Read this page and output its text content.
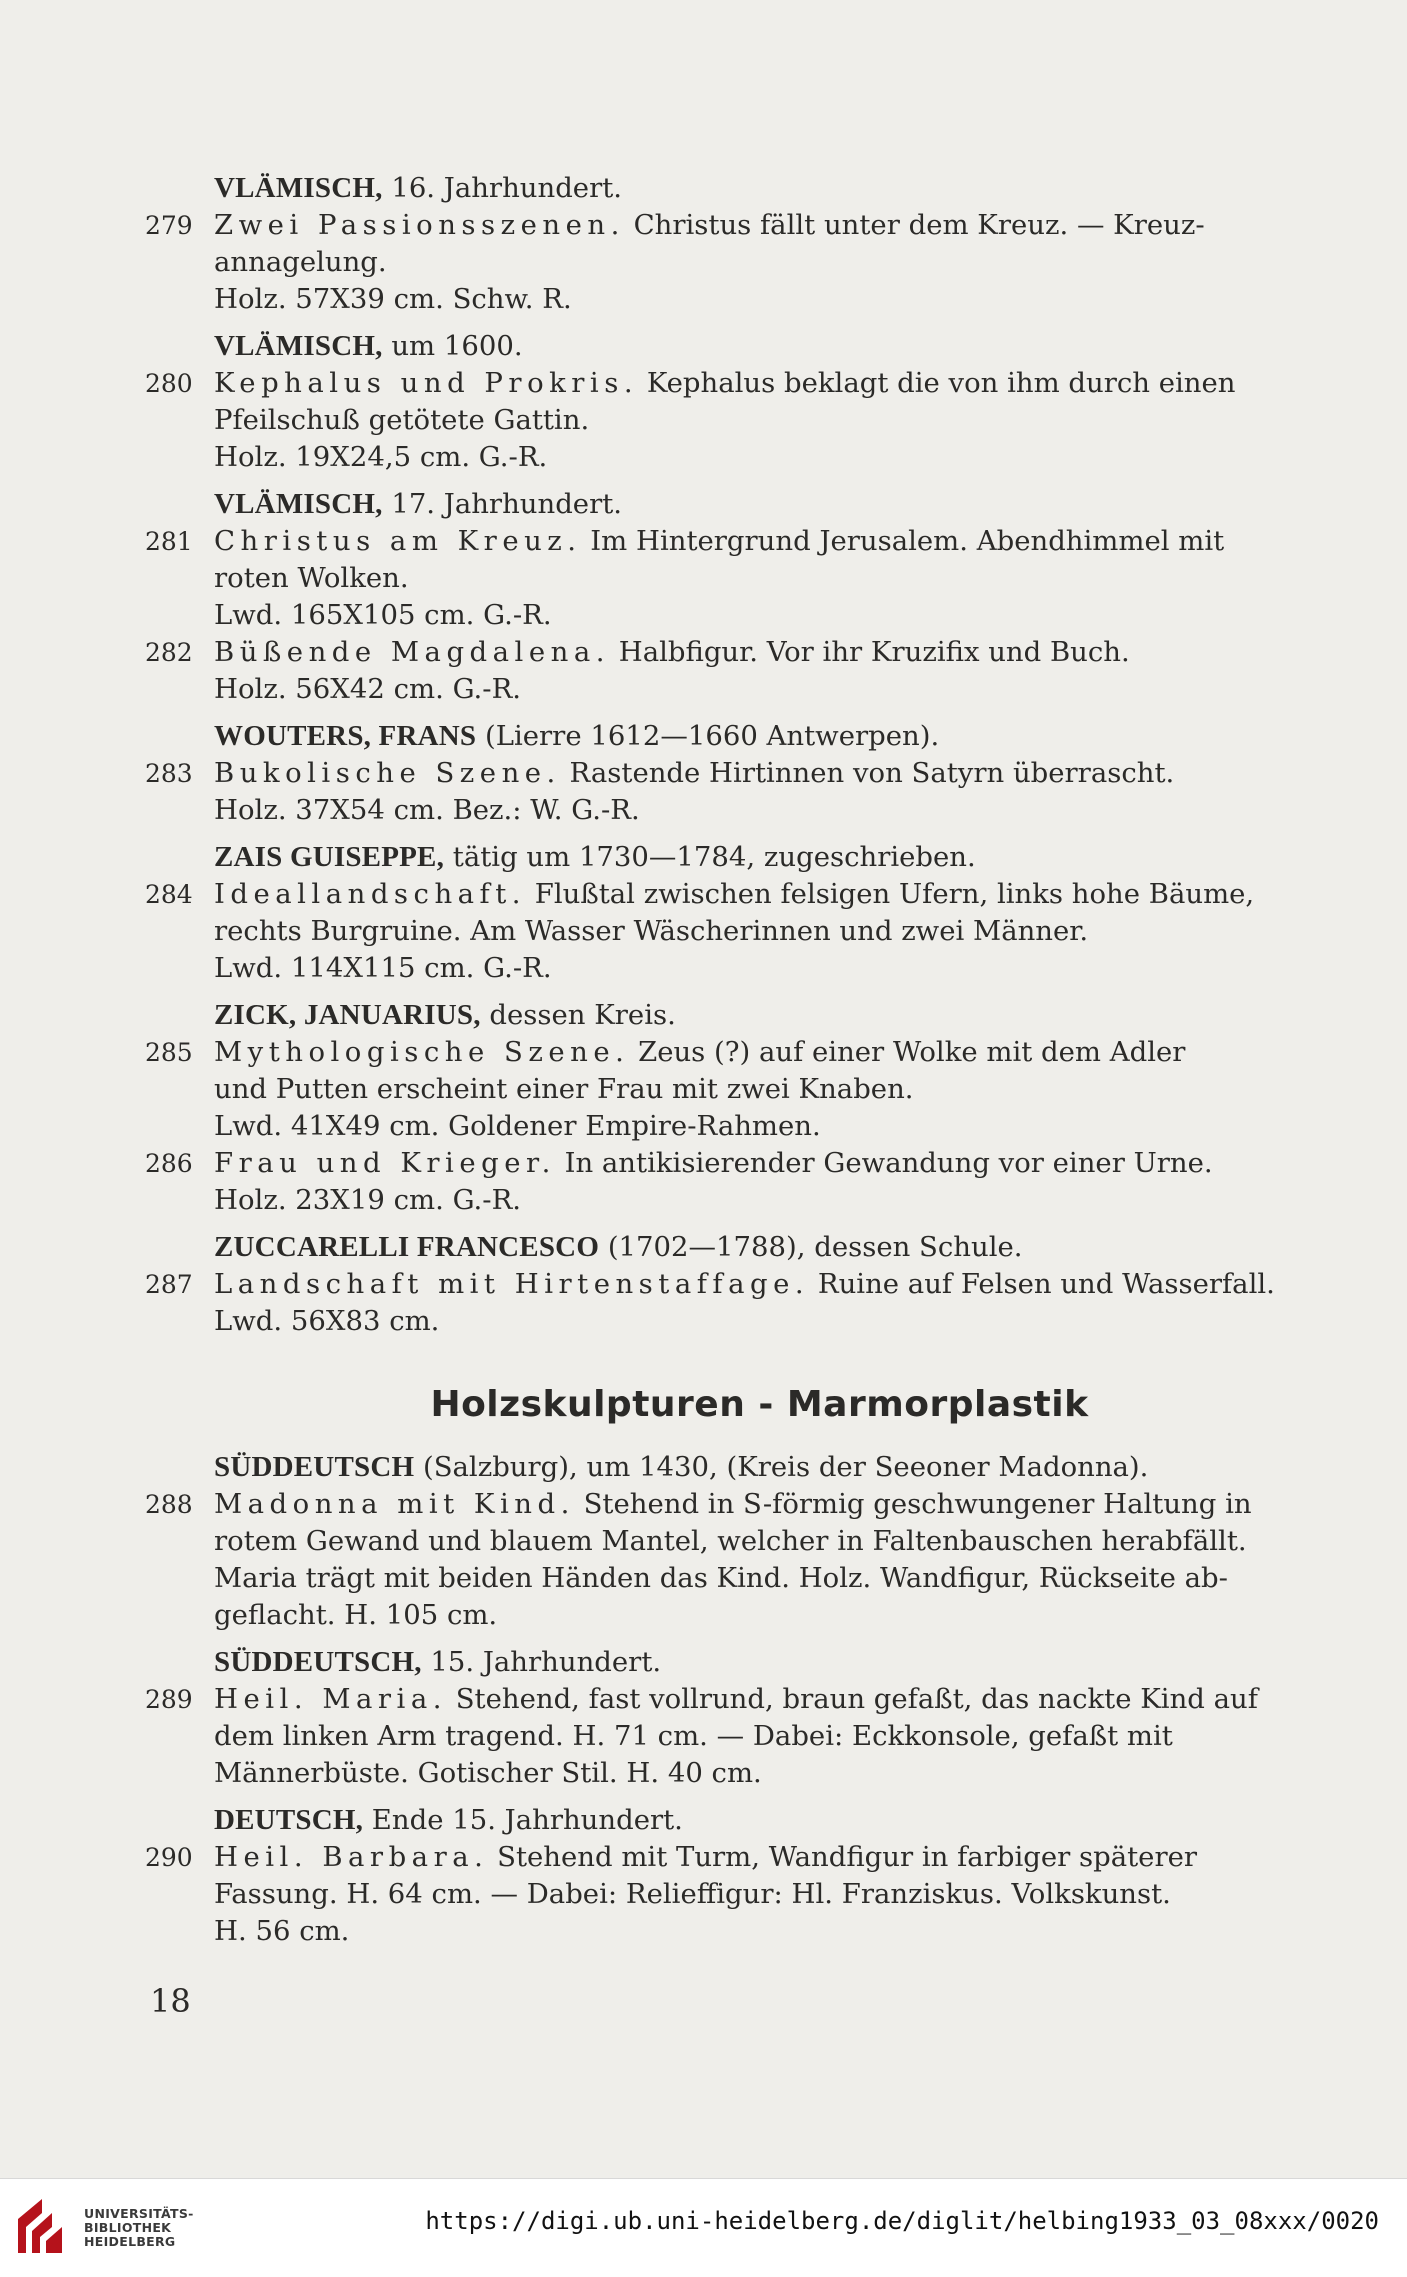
VLÄMISCH, 16. Jahrhundert.
279 Zwei Passionsszenen. Christus fällt unter dem Kreuz. — Kreuz-
annagelung.
Holz. 57X39 cm. Schw. R.
VLÄMISCH, um 1600.
280 Kephalus und Prokris. Kephalus beklagt die von ihm durch einen
Pfeilschuß getötete Gattin.
Holz. 19X24,5 cm. G.-R.
VLÄMISCH, 17. Jahrhundert.
281 Christus am Kreuz. Im Hintergrund Jerusalem. Abendhimmel mit
roten Wolken.
Lwd. 165X105 cm. G.-R.
282 Büßende Magdalena. Halbfigur. Vor ihr Kruzifix und Buch.
Holz. 56X42 cm. G.-R.
WOUTERS, FRANS (Lierre 1612—1660 Antwerpen).
283 Bukolische Szene. Rastende Hirtinnen von Satyrn überrascht.
Holz. 37X54 cm. Bez.: W. G.-R.
ZAIS GUISEPPE, tätig um 1730—1784, zugeschrieben.
284 Ideallandschaft. Flußtal zwischen felsigen Ufern, links hohe Bäume,
rechts Burgruine. Am Wasser Wäscherinnen und zwei Männer.
Lwd. 114X115 cm. G.-R.
ZICK, JANUARIUS, dessen Kreis.
285 Mythologische Szene. Zeus (?) auf einer Wolke mit dem Adler
und Putten erscheint einer Frau mit zwei Knaben.
Lwd. 41X49 cm. Goldener Empire-Rahmen.
286 Frau und Krieger. In antikisierender Gewandung vor einer Urne.
Holz. 23X19 cm. G.-R.
ZUCCARELLI FRANCESCO (1702—1788), dessen Schule.
287 Landschaft mit Hirtenstaffage. Ruine auf Felsen und Wasserfall.
Lwd. 56X83 cm.
Holzskulpturen - Marmorplastik
SÜDDEUTSCH (Salzburg), um 1430, (Kreis der Seeoner Madonna).
288 Madonna mit Kind. Stehend in S-förmig geschwungener Haltung in
rotem Gewand und blauem Mantel, welcher in Faltenbauschen herabfällt.
Maria trägt mit beiden Händen das Kind. Holz. Wandfigur, Rückseite ab-
geflacht. H. 105 cm.
SÜDDEUTSCH, 15. Jahrhundert.
289 Heil. Maria. Stehend, fast vollrund, braun gefaßt, das nackte Kind auf
dem linken Arm tragend. H. 71 cm. — Dabei: Eckkonsole, gefaßt mit
Männerbüste. Gotischer Stil. H. 40 cm.
DEUTSCH, Ende 15. Jahrhundert.
290 Heil. Barbara. Stehend mit Turm, Wandfigur in farbiger späterer
Fassung. H. 64 cm. — Dabei: Relieffigur: Hl. Franziskus. Volkskunst.
H. 56 cm.
18
UNIVERSITÄTS-
BIBLIOTHEK
HEIDELBERG
https://digi.ub.uni-heidelberg.de/diglit/helbing1933_03_08xxx/0020
